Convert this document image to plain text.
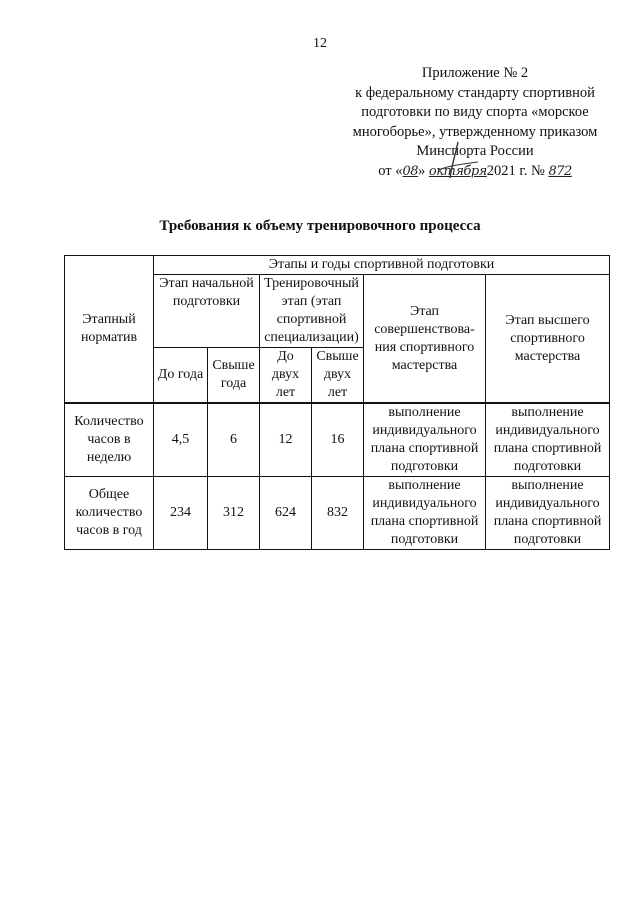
12
Приложение № 2
к федеральному стандарту спортивной
подготовки по виду спорта «морское
многоборье», утвержденному приказом
Минспорта России
от «08» октября2021 г. № 872
Требования к объему тренировочного процесса
Этапный норматив	Этапы и годы спортивной подготовки					
	Этап начальной подготовки		Тренировочный этап (этап спортивной специализации)		Этап совершенствова-ния спортивного мастерства	Этап высшего спортивного мастерства
	До года	Свыше года	До двух лет	Свыше двух лет		
Количество часов в неделю	4,5	6	12	16	выполнение индивидуального плана спортивной подготовки	выполнение индивидуального плана спортивной подготовки
Общее количество часов в год	234	312	624	832	выполнение индивидуального плана спортивной подготовки	выполнение индивидуального плана спортивной подготовки
